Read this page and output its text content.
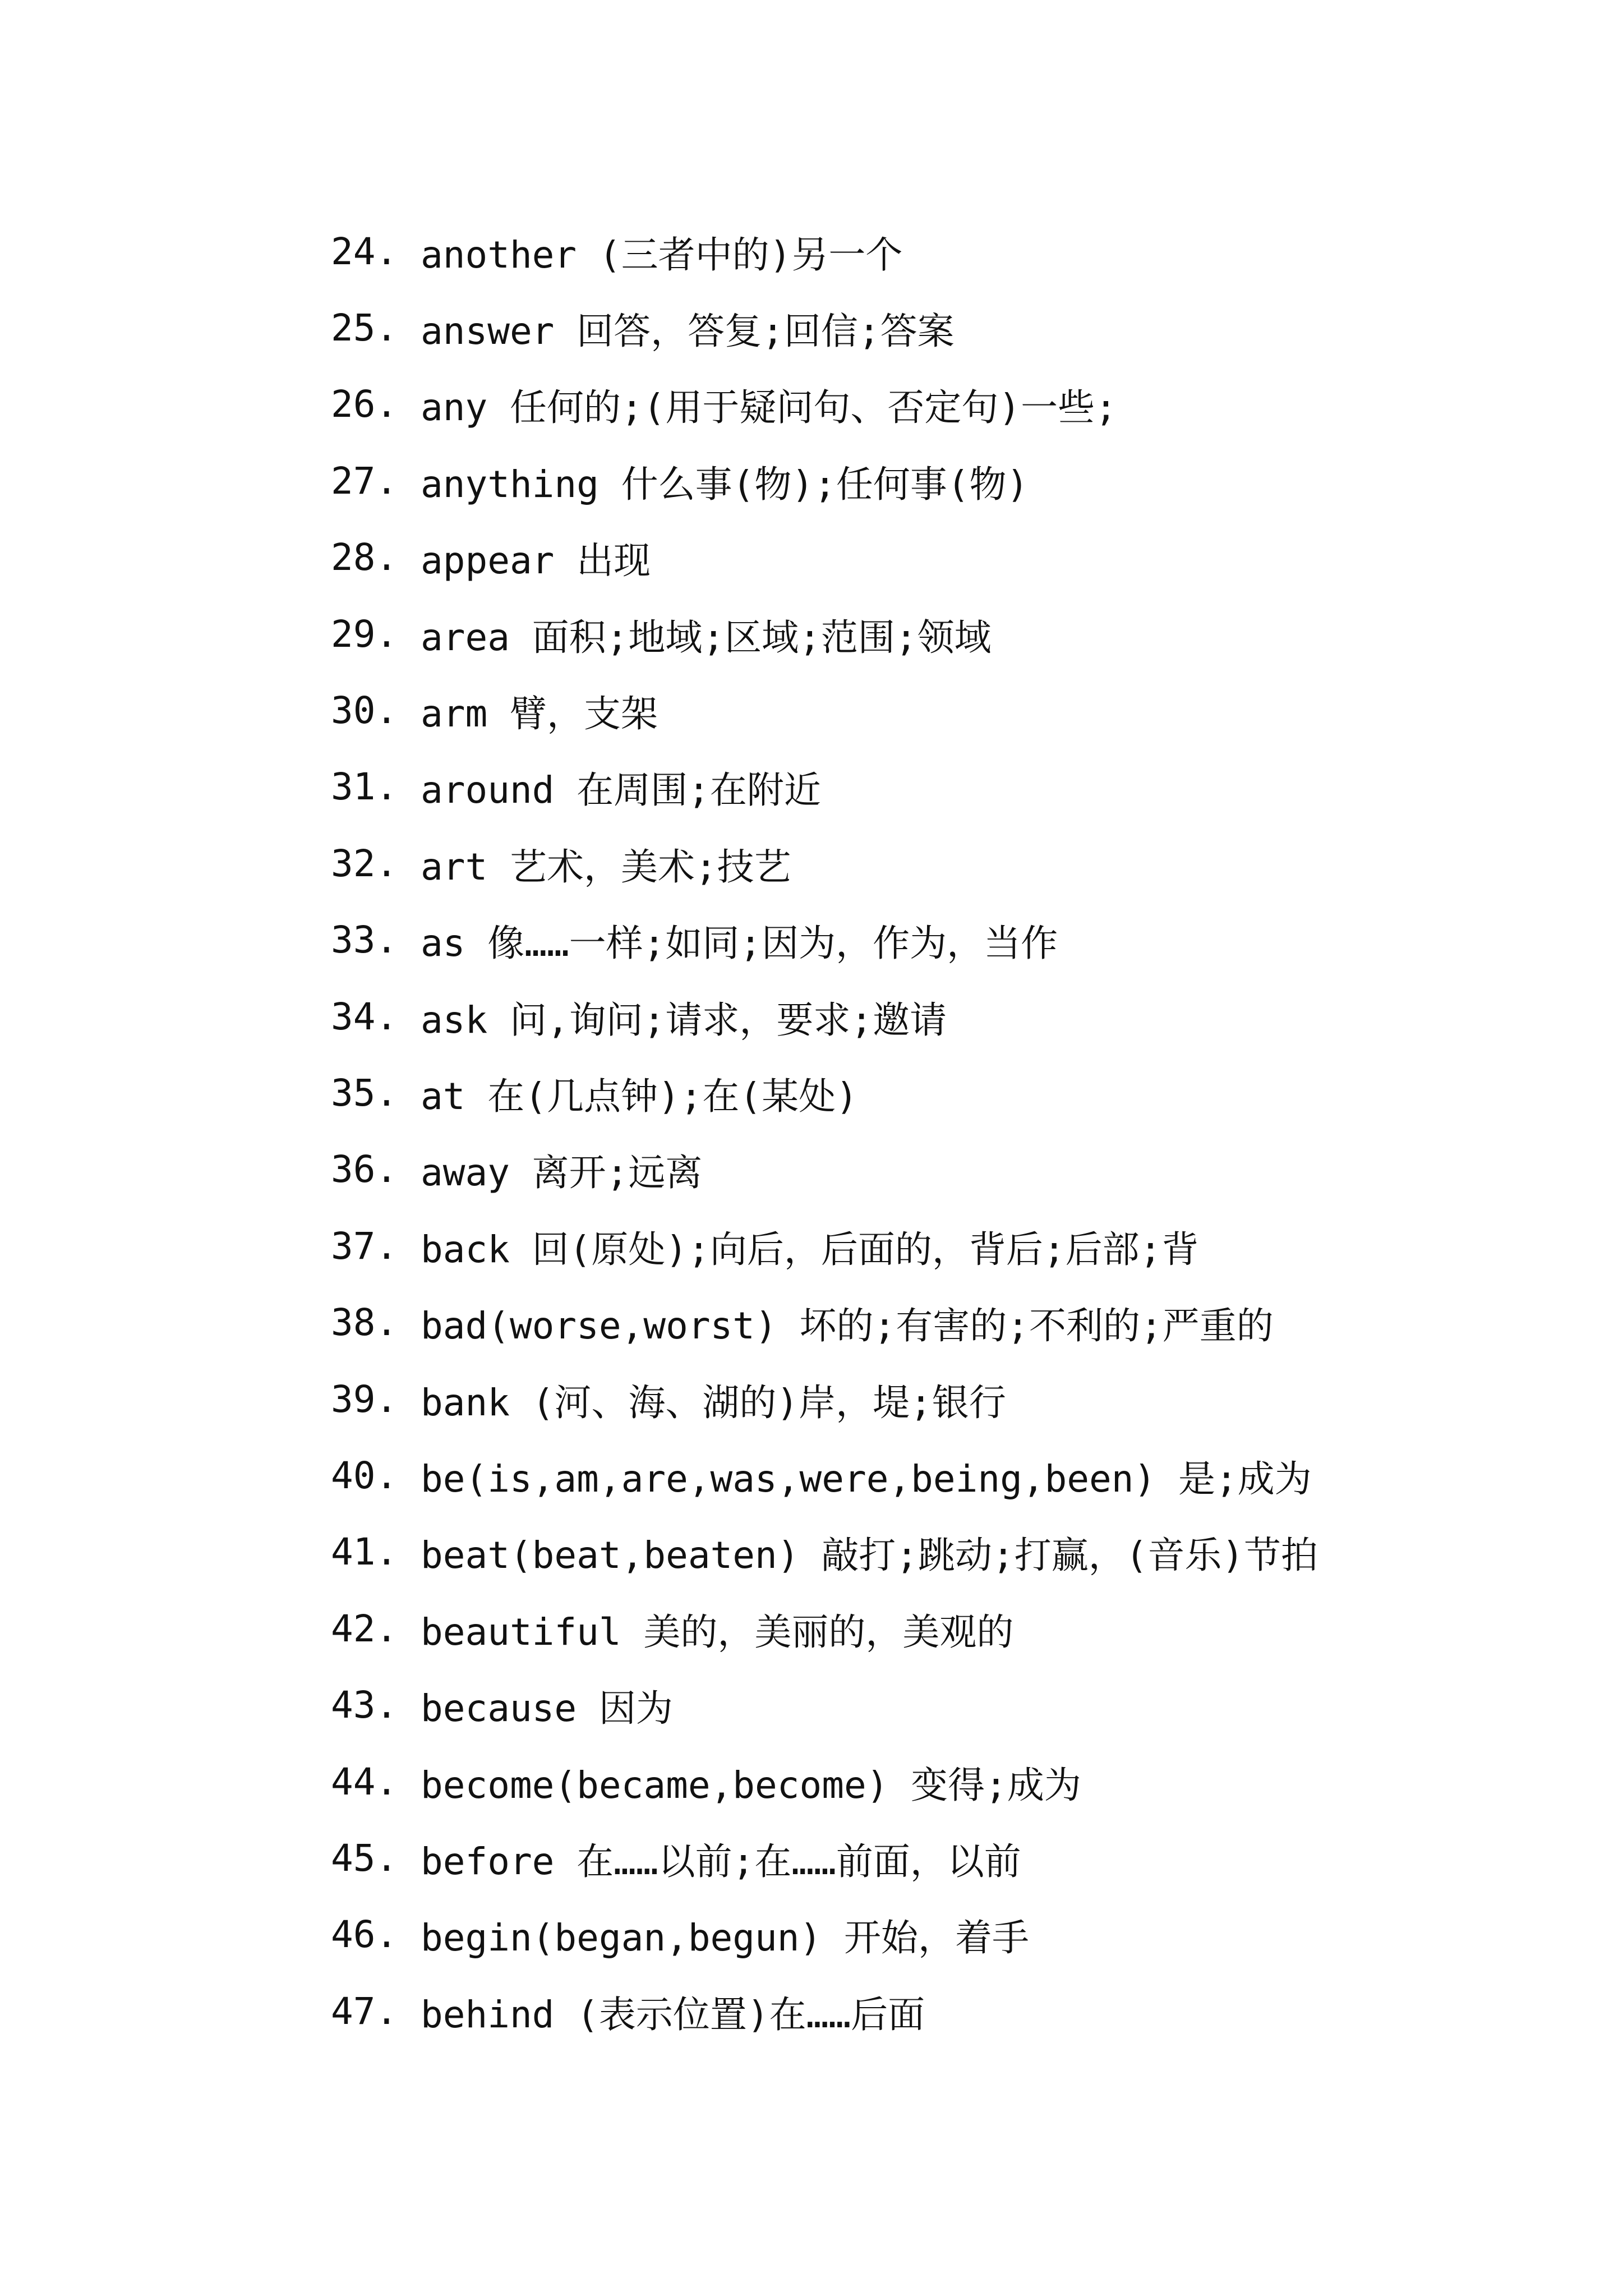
24. another (三者中的)另一个
25. answer 回答，答复;回信;答案
26. any 任何的;(用于疑问句、否定句)一些;
27. anything 什么事(物);任何事(物)
28. appear 出现
29. area 面积;地域;区域;范围;领域
30. arm 臂，支架
31. around 在周围;在附近
32. art 艺术，美术;技艺
33. as 像……一样;如同;因为，作为，当作
34. ask 问,询问;请求，要求;邀请
35. at 在(几点钟);在(某处)
36. away 离开;远离
37. back 回(原处);向后，后面的，背后;后部;背
38. bad(worse,worst) 坏的;有害的;不利的;严重的
39. bank (河、海、湖的)岸，堤;银行
40. be(is,am,are,was,were,being,been) 是;成为
41. beat(beat,beaten) 敲打;跳动;打赢，(音乐)节拍
42. beautiful 美的，美丽的，美观的
43. because 因为
44. become(became,become) 变得;成为
45. before 在……以前;在……前面，以前
46. begin(began,begun) 开始，着手
47. behind (表示位置)在……后面
